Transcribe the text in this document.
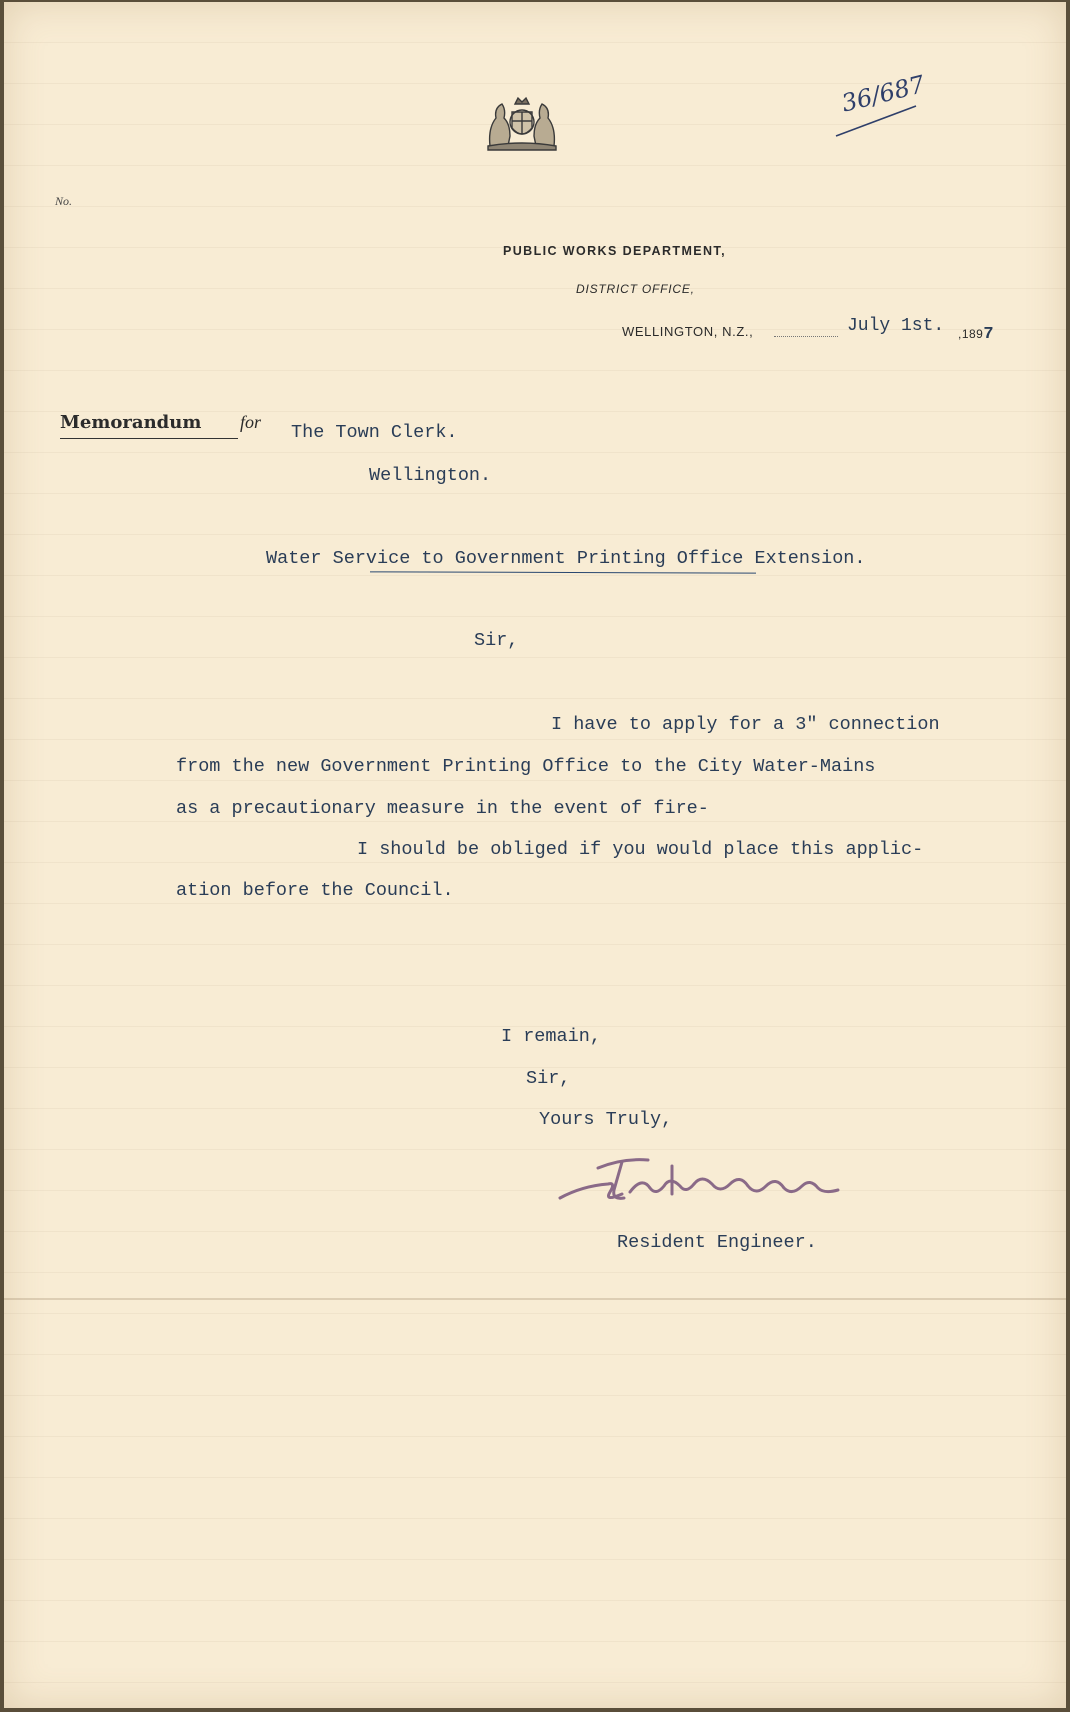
No.
PUBLIC WORKS DEPARTMENT,
DISTRICT OFFICE,
WELLINGTON, N.Z.,	July 1st. ,1897
36/687
Memorandum for The Town Clerk.
Wellington.
Water Service to Government Printing Office Extension.
Sir,
I have to apply for a 3" connection
from the new Government Printing Office to the City Water-Mains
as a precautionary measure in the event of fire-
I should be obliged if you would place this applic-
ation before the Council.
I remain,
Sir,
Yours Truly,
Resident Engineer.
